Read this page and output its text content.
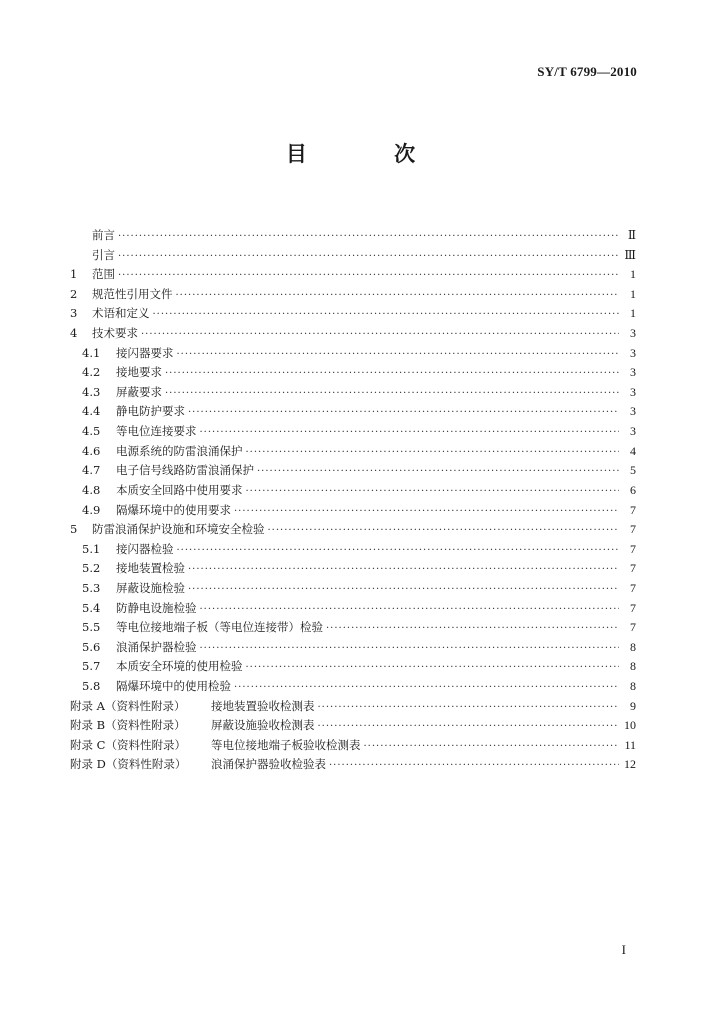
SY/T 6799—2010
目 次
前言 ·····	Ⅱ
引言 ·····	Ⅲ
1	范围 ·····	1
2	规范性引用文件 ·····	1
3	术语和定义 ·····	1
4	技术要求 ·····	3
4.1	接闪器要求 ·····	3
4.2	接地要求 ·····	3
4.3	屏蔽要求 ·····	3
4.4	静电防护要求 ·····	3
4.5	等电位连接要求 ·····	3
4.6	电源系统的防雷浪涌保护 ·····	4
4.7	电子信号线路防雷浪涌保护 ·····	5
4.8	本质安全回路中使用要求 ·····	6
4.9	隔爆环境中的使用要求 ·····	7
5	防雷浪涌保护设施和环境安全检验 ·····	7
5.1	接闪器检验 ·····	7
5.2	接地装置检验 ·····	7
5.3	屏蔽设施检验 ·····	7
5.4	防静电设施检验 ·····	7
5.5	等电位接地端子板（等电位连接带）检验 ·····	7
5.6	浪涌保护器检验 ·····	8
5.7	本质安全环境的使用检验 ·····	8
5.8	隔爆环境中的使用检验 ·····	8
附录 A（资料性附录）	接地装置验收检测表 ·····	9
附录 B（资料性附录）	屏蔽设施验收检测表 ·····	10
附录 C（资料性附录）	等电位接地端子板验收检测表 ·····	11
附录 D（资料性附录）	浪涌保护器验收检验表 ·····	12
I
